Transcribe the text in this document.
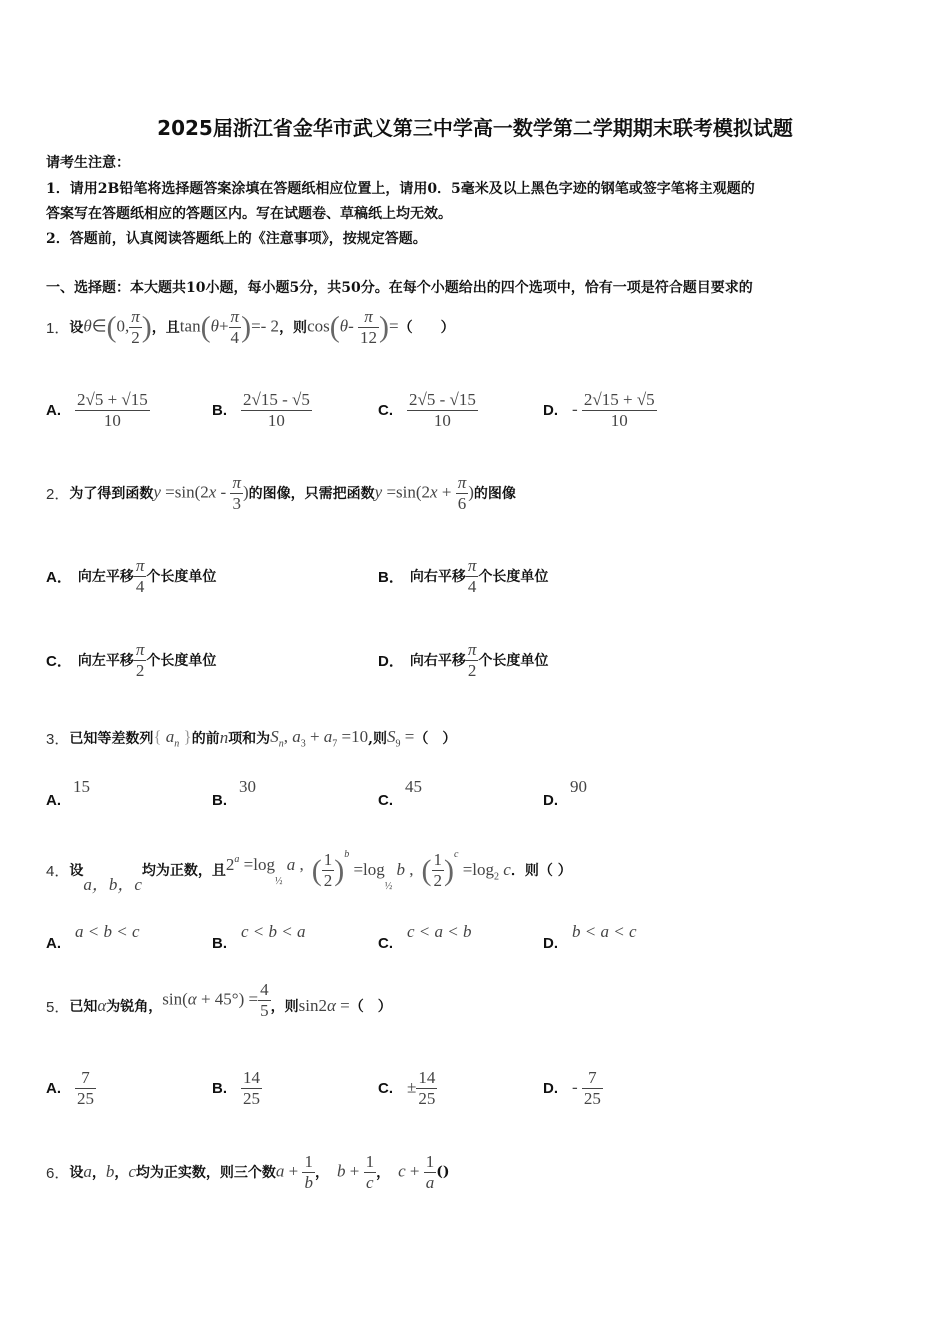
2025届浙江省金华市武义第三中学高一数学第二学期期末联考模拟试题
请考生注意：
1．请用2B铅笔将选择题答案涂填在答题纸相应位置上，请用0．5毫米及以上黑色字迹的钢笔或签字笔将主观题的
答案写在答题纸相应的答题区内。写在试题卷、草稿纸上均无效。
2．答题前，认真阅读答题纸上的《注意事项》，按规定答题。
一、选择题：本大题共10小题，每小题5分，共50分。在每个小题给出的四个选项中，恰有一项是符合题目要求的
1． 设 θ∈(0, $\frac{\pi}{2}$ ) ，且 $\tan(\theta+ \frac{\pi}{4}$ )=- 2 ，则 $\cos(\theta- \frac{\pi}{12}$ )= （　　）
A. $\frac{2√5 + √15}{10}$	B. $\frac{2√15 - √5}{10}$	C. $\frac{2√5 - √15}{10}$	D. - $\frac{2√15 + √5}{10}$
2． 为了得到函数 $y =\sin(2x - \frac{\pi}{3}$ ) 的图像，只需把函数 $y =\sin(2x + \frac{\pi}{6}$ ) 的图像
A． 向左平移 $\frac{\pi}{4}$ 个长度单位	B． 向右平移 $\frac{\pi}{4}$ 个长度单位
C． 向左平移 $\frac{\pi}{2}$ 个长度单位	D． 向右平移 $\frac{\pi}{2}$ 个长度单位
3． 已知等差数列 { $a_n$ } 的前 n 项和为 $S_n$, $a_3 + a_7 =10$ ,则 $S_9$ = （　）
A.
15
B.
30
C.
45
D.
90
4． 设
a，b，c
均为正数，且 $2^a =\log_{\frac{1}{2}}$ a , ( $\frac{1}{2} )^b =\log_{\frac{1}{2}}$ b , ( $\frac{1}{2} )^c =\log_2$ c ．则（ ）
A.
a < b < c
B.
c < b < a
C.
c < a < b
D.
b < a < c
5． 已知 α 为锐角， $\sin(\alpha + 45^\circ) = \frac{4}{5}$ ，则 sin2α = （　）
A. $\frac{7}{25}$	B. $\frac{14}{25}$	C. ± $\frac{14}{25}$	D. - $\frac{7}{25}$
6． 设 a ， b ， c 均为正实数，则三个数 $a + \frac{1}{b}$ ， $b + \frac{1}{c}$ ， $c + \frac{1}{a}$ ()
